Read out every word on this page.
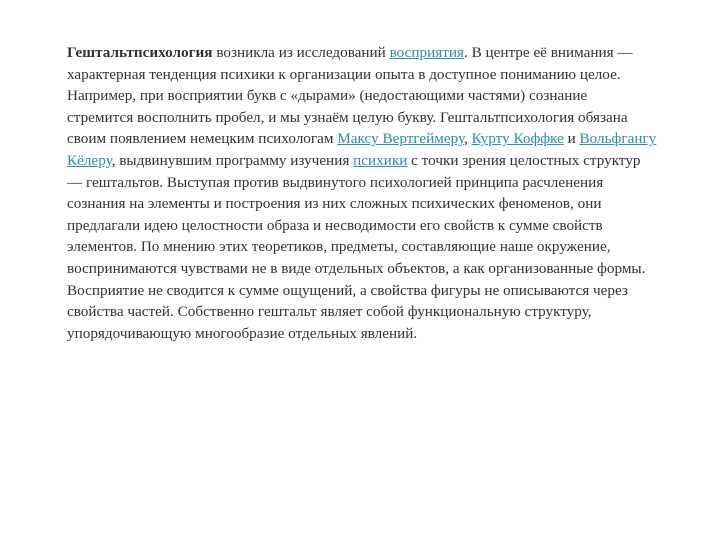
Гештальтпсихология возникла из исследований восприятия. В центре её внимания — характерная тенденция психики к организации опыта в доступное пониманию целое. Например, при восприятии букв с «дырами» (недостающими частями) сознание стремится восполнить пробел, и мы узнаём целую букву. Гештальтпсихология обязана своим появлением немецким психологам Максу Вертгеймеру, Курту Коффке и Вольфгангу Кёлеру, выдвинувшим программу изучения психики с точки зрения целостных структур — гештальтов. Выступая против выдвинутого психологией принципа расчленения сознания на элементы и построения из них сложных психических феноменов, они предлагали идею целостности образа и несводимости его свойств к сумме свойств элементов. По мнению этих теоретиков, предметы, составляющие наше окружение, воспринимаются чувствами не в виде отдельных объектов, а как организованные формы. Восприятие не сводится к сумме ощущений, а свойства фигуры не описываются через свойства частей. Собственно гештальт являет собой функциональную структуру, упорядочивающую многообразие отдельных явлений.
